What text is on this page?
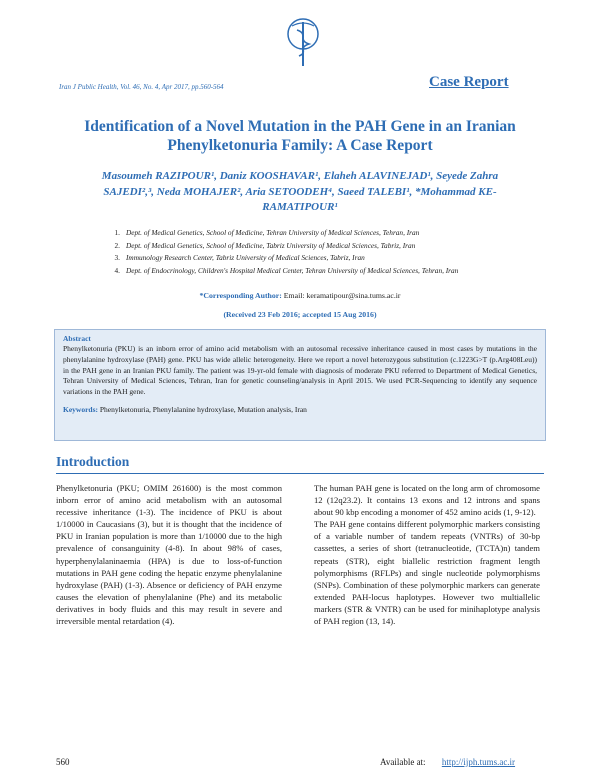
Iran J Public Health, Vol. 46, No. 4, Apr 2017, pp.560-564	Case Report
Identification of a Novel Mutation in the PAH Gene in an Iranian Phenylketonuria Family: A Case Report
Masoumeh RAZIPOUR¹, Daniz KOOSHAVAR¹, Elaheh ALAVINEJAD¹, Seyede Zahra
SAJEDI²,³, Neda MOHAJER², Aria SETOODEH⁴, Saeed TALEBI¹, *Mohammad KE-
RAMATIPOUR¹
1. Dept. of Medical Genetics, School of Medicine, Tehran University of Medical Sciences, Tehran, Iran
2. Dept. of Medical Genetics, School of Medicine, Tabriz University of Medical Sciences, Tabriz, Iran
3. Immunology Research Center, Tabriz University of Medical Sciences, Tabriz, Iran
4. Dept. of Endocrinology, Children's Hospital Medical Center, Tehran University of Medical Sciences, Tehran, Iran
*Corresponding Author: Email: keramatipour@sina.tums.ac.ir
(Received 23 Feb 2016; accepted 15 Aug 2016)
Abstract
Phenylketonuria (PKU) is an inborn error of amino acid metabolism with an autosomal recessive inheritance caused in most cases by mutations in the phenylalanine hydroxylase (PAH) gene. PKU has wide allelic heterogeneity. Here we report a novel heterozygous substitution (c.1223G>T (p.Arg408Leu)) in the PAH gene in an Iranian PKU family. The patient was 19-yr-old female with diagnosis of moderate PKU referred to Department of Medical Genetics, Tehran University of Medical Sciences, Tehran, Iran for genetic counseling/analysis in April 2015. We used PCR-Sequencing to identify any sequence variations in the PAH gene.
Keywords: Phenylketonuria, Phenylalanine hydroxylase, Mutation analysis, Iran
Introduction

Phenylketonuria (PKU; OMIM 261600) is the most common inborn error of amino acid metabolism with an autosomal recessive inheritance (1-3). The incidence of PKU is about 1/10000 in Caucasians (3), but it is thought that the incidence of PKU in Iranian population is more than 1/10000 due to the high prevalence of consanguinity (4-8). In about 98% of cases, hyperphenylalaninaemia (HPA) is due to loss-of-function mutations in PAH gene coding the hepatic enzyme phenylalanine hydroxylase (PAH) (1-3). Absence or deficiency of PAH enzyme causes the elevation of phenylalanine (Phe) and its metabolic derivatives in body fluids and this may result in severe and irreversible mental retardation (4).

The human PAH gene is located on the long arm of chromosome 12 (12q23.2). It contains 13 exons and 12 introns and spans about 90 kbp encoding a monomer of 452 amino acids (1, 9-12).

The PAH gene contains different polymorphic markers consisting of a variable number of tandem repeats (VNTRs) of 30-bp cassettes, a series of short (tetranucleotide, (TCTA)n) tandem repeats (STR), eight biallelic restriction fragment length polymorphisms (RFLPs) and single nucleotide polymorphisms (SNPs). Combination of these polymorphic markers can generate extended PAH-locus haplotypes. However two multiallelic markers (STR & VNTR) can be used for minihaplotype analysis of PAH region (13, 14).

560	Available at: http://ijph.tums.ac.ir
